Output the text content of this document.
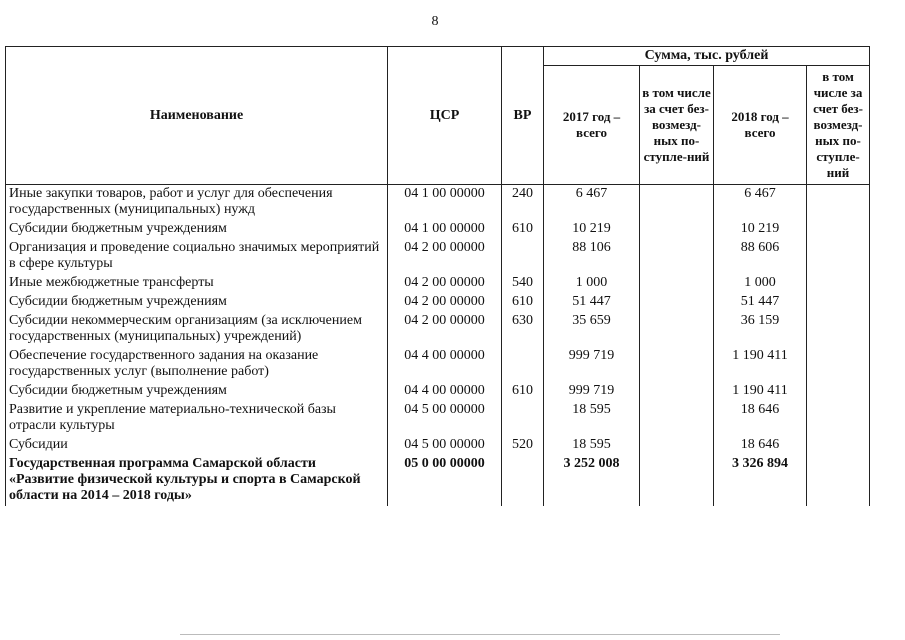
8
Наименование	ЦСР	ВР	Сумма, тыс. рублей			
			2017 год – всего	в том числе за счет без-возмезд-ных по-ступле-ний	2018 год – всего	в том числе за счет без-возмезд-ных по-ступле-ний
Иные закупки товаров, работ и услуг для обеспечения государственных (муниципальных) нужд	04 1 00 00000	240	6 467		6 467	
Субсидии бюджетным учреждениям	04 1 00 00000	610	10 219		10 219	
Организация и проведение социально значимых мероприятий в сфере культуры	04 2 00 00000		88 106		88 606	
Иные межбюджетные трансферты	04 2 00 00000	540	1 000		1 000	
Субсидии бюджетным учреждениям	04 2 00 00000	610	51 447		51 447	
Субсидии некоммерческим организациям (за исключением государственных (муниципальных) учреждений)	04 2 00 00000	630	35 659		36 159	
Обеспечение государственного задания на оказание государственных услуг (выполнение работ)	04 4 00 00000		999 719		1 190 411	
Субсидии бюджетным учреждениям	04 4 00 00000	610	999 719		1 190 411	
Развитие и укрепление материально-технической базы отрасли культуры	04 5 00 00000		18 595		18 646	
Субсидии	04 5 00 00000	520	18 595		18 646	
Государственная программа Самарской области «Развитие физической культуры и спорта в Самарской области на 2014 – 2018 годы»	05 0 00 00000		3 252 008		3 326 894	
